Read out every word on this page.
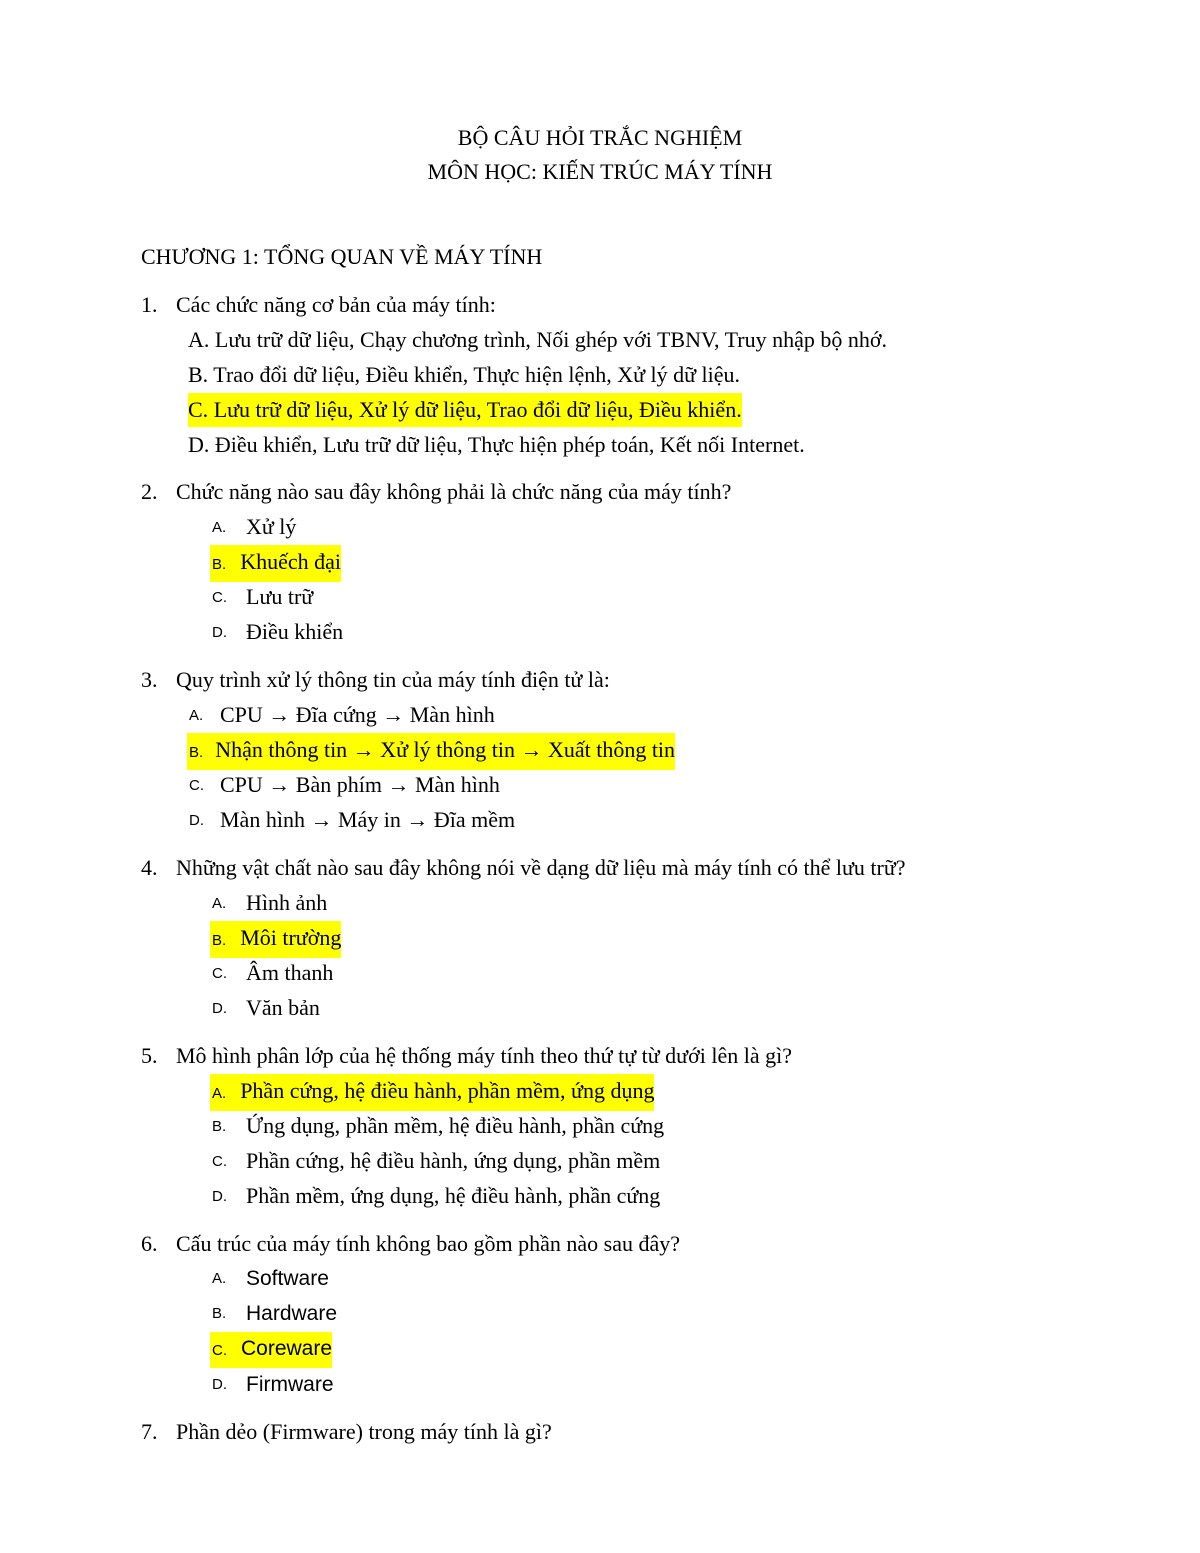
BỘ CÂU HỎI TRẮC NGHIỆM
MÔN HỌC: KIẾN TRÚC MÁY TÍNH
CHƯƠNG 1: TỔNG QUAN VỀ MÁY TÍNH
1. Các chức năng cơ bản của máy tính:
A. Lưu trữ dữ liệu, Chạy chương trình, Nối ghép với TBNV, Truy nhập bộ nhớ.
B. Trao đổi dữ liệu, Điều khiển, Thực hiện lệnh, Xử lý dữ liệu.
C. Lưu trữ dữ liệu, Xử lý dữ liệu, Trao đổi dữ liệu, Điều khiển.
D. Điều khiển, Lưu trữ dữ liệu, Thực hiện phép toán, Kết nối Internet.
2. Chức năng nào sau đây không phải là chức năng của máy tính?
A. Xử lý
B. Khuếch đại
C. Lưu trữ
D. Điều khiển
3. Quy trình xử lý thông tin của máy tính điện tử là:
A. CPU → Đĩa cứng → Màn hình
B. Nhận thông tin → Xử lý thông tin → Xuất thông tin
C. CPU → Bàn phím → Màn hình
D. Màn hình → Máy in → Đĩa mềm
4. Những vật chất nào sau đây không nói về dạng dữ liệu mà máy tính có thể lưu trữ?
A. Hình ảnh
B. Môi trường
C. Âm thanh
D. Văn bản
5. Mô hình phân lớp của hệ thống máy tính theo thứ tự từ dưới lên là gì?
A. Phần cứng, hệ điều hành, phần mềm, ứng dụng
B. Ứng dụng, phần mềm, hệ điều hành, phần cứng
C. Phần cứng, hệ điều hành, ứng dụng, phần mềm
D. Phần mềm, ứng dụng, hệ điều hành, phần cứng
6. Cấu trúc của máy tính không bao gồm phần nào sau đây?
A. Software
B. Hardware
C. Coreware
D. Firmware
7. Phần dẻo (Firmware) trong máy tính là gì?
